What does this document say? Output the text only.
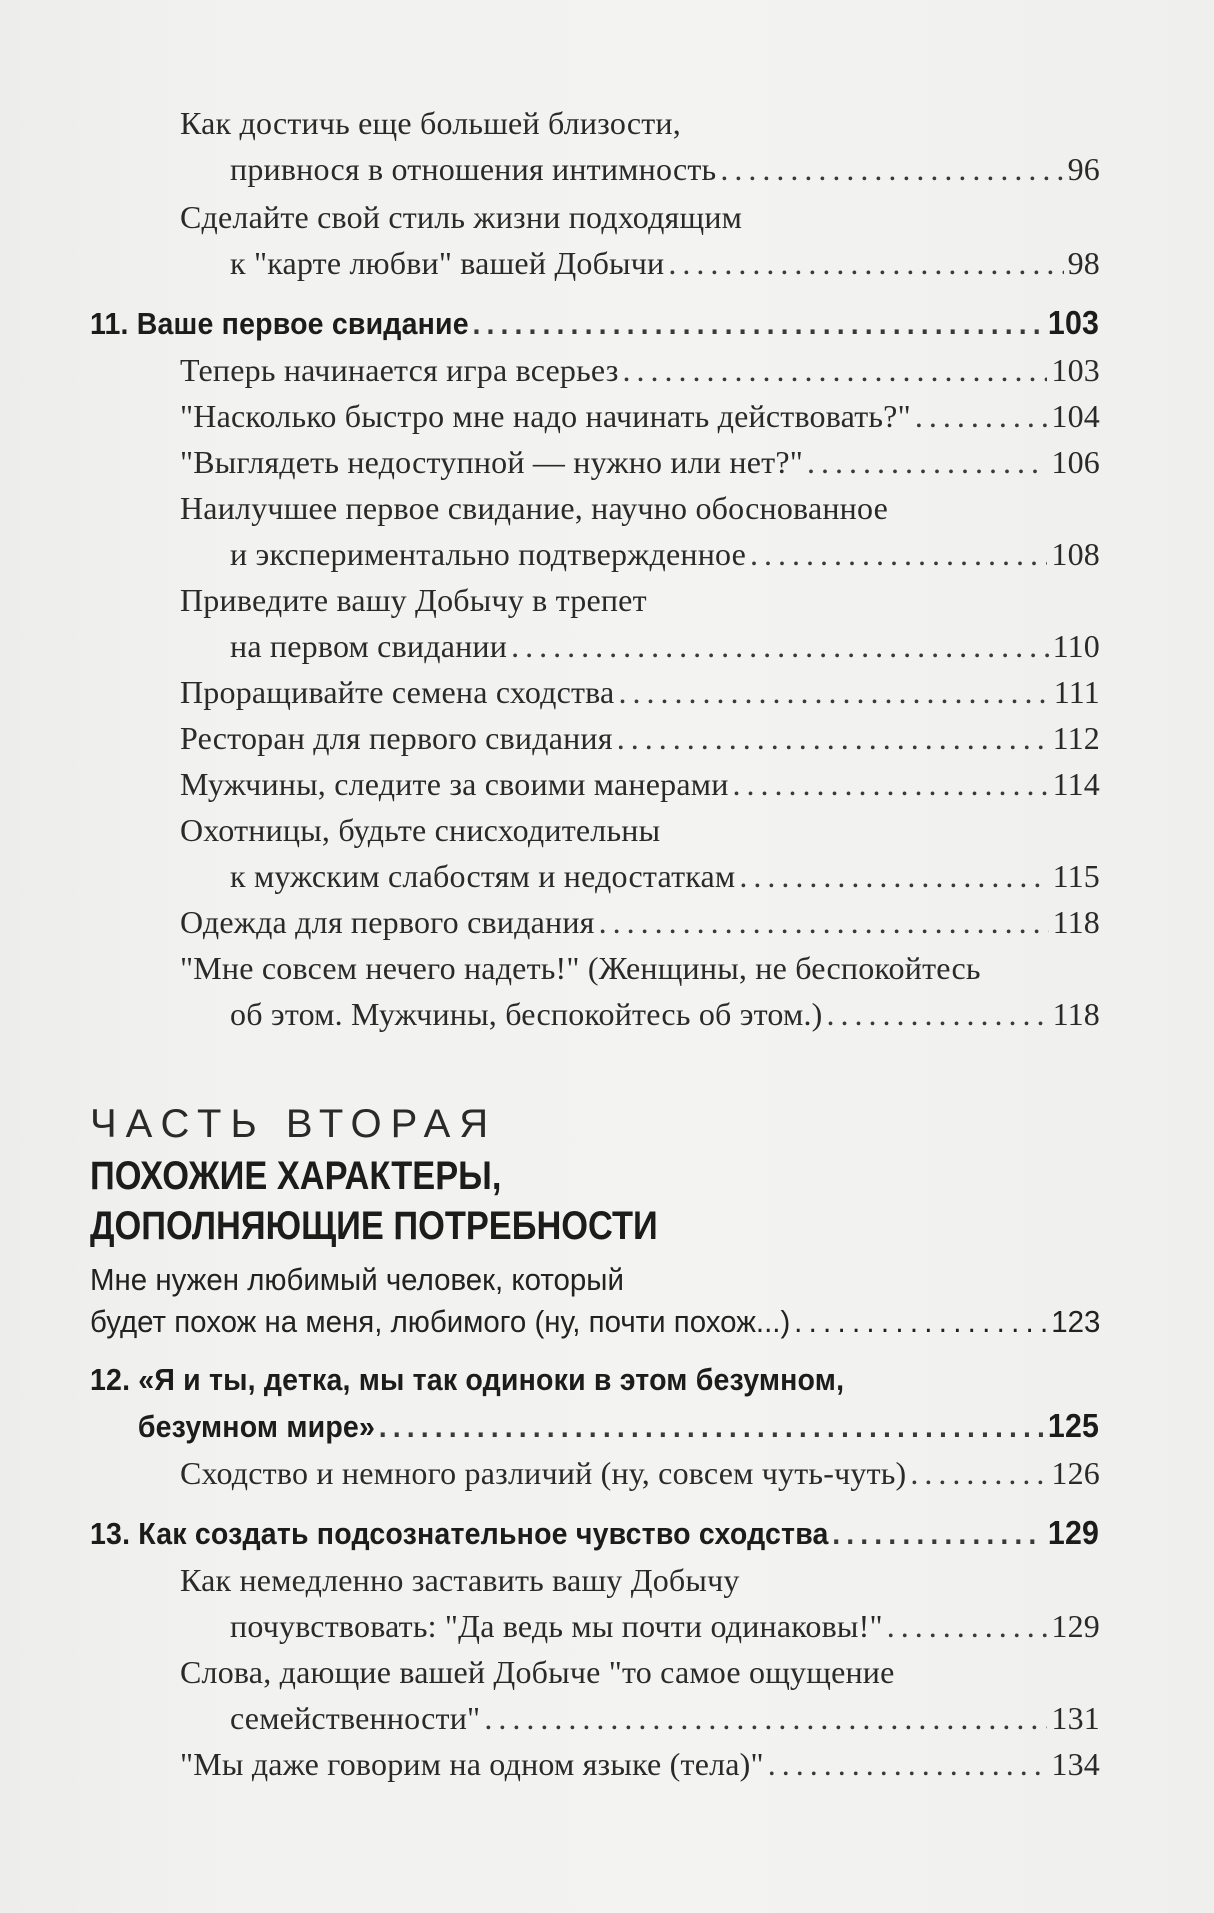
Как достичь еще большей близости,
привнося в отношения интимность . . .	96
Сделайте свой стиль жизни подходящим
к "карте любви" вашей Добычи . . .	98
11. Ваше первое свидание . . .	103
Теперь начинается игра всерьез . . .	103
"Насколько быстро мне надо начинать действовать?" . . .	104
"Выглядеть недоступной — нужно или нет?" . . .	106
Наилучшее первое свидание, научно обоснованное
и экспериментально подтвержденное . . .	108
Приведите вашу Добычу в трепет
на первом свидании . . .	110
Проращивайте семена сходства . . .	111
Ресторан для первого свидания . . .	112
Мужчины, следите за своими манерами . . .	114
Охотницы, будьте снисходительны
к мужским слабостям и недостаткам . . .	115
Одежда для первого свидания . . .	118
"Мне совсем нечего надеть!" (Женщины, не беспокойтесь
об этом. Мужчины, беспокойтесь об этом.) . . .	118
ЧАСТЬ ВТОРАЯ
ПОХОЖИЕ ХАРАКТЕРЫ,
ДОПОЛНЯЮЩИЕ ПОТРЕБНОСТИ
Мне нужен любимый человек, который
будет похож на меня, любимого (ну, почти похож...) . . .	123
12. «Я и ты, детка, мы так одиноки в этом безумном,
безумном мире» . . .	125
Сходство и немного различий (ну, совсем чуть-чуть) . . .	126
13. Как создать подсознательное чувство сходства . . .	129
Как немедленно заставить вашу Добычу
почувствовать: "Да ведь мы почти одинаковы!" . . .	129
Слова, дающие вашей Добыче "то самое ощущение
семейственности" . . .	131
"Мы даже говорим на одном языке (тела)" . . .	134
